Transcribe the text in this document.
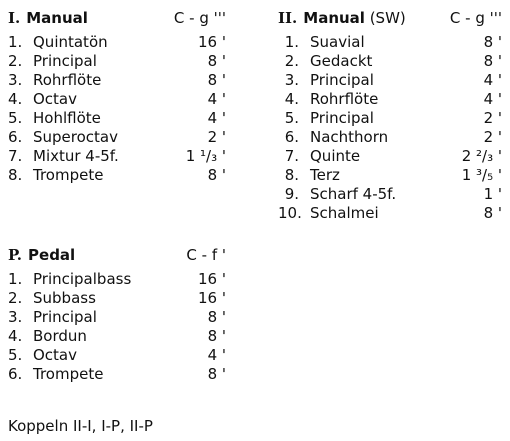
I. Manual	C - g '''
1. Quintatön	16 '
2. Principal	8 '
3. Rohrflöte	8 '
4. Octav	4 '
5. Hohlflöte	4 '
6. Superoctav	2 '
7. Mixtur 4-5f.	1 ¹/₃ '
8. Trompete	8 '
II. Manual (SW)	C - g '''
1. Suavial	8 '
2. Gedackt	8 '
3. Principal	4 '
4. Rohrflöte	4 '
5. Principal	2 '
6. Nachthorn	2 '
7. Quinte	2 ²/₃ '
8. Terz	1 ³/₅ '
9. Scharf 4-5f.	1 '
10. Schalmei	8 '
P. Pedal	C - f '
1. Principalbass	16 '
2. Subbass	16 '
3. Principal	8 '
4. Bordun	8 '
5. Octav	4 '
6. Trompete	8 '
Koppeln II-I, I-P, II-P
